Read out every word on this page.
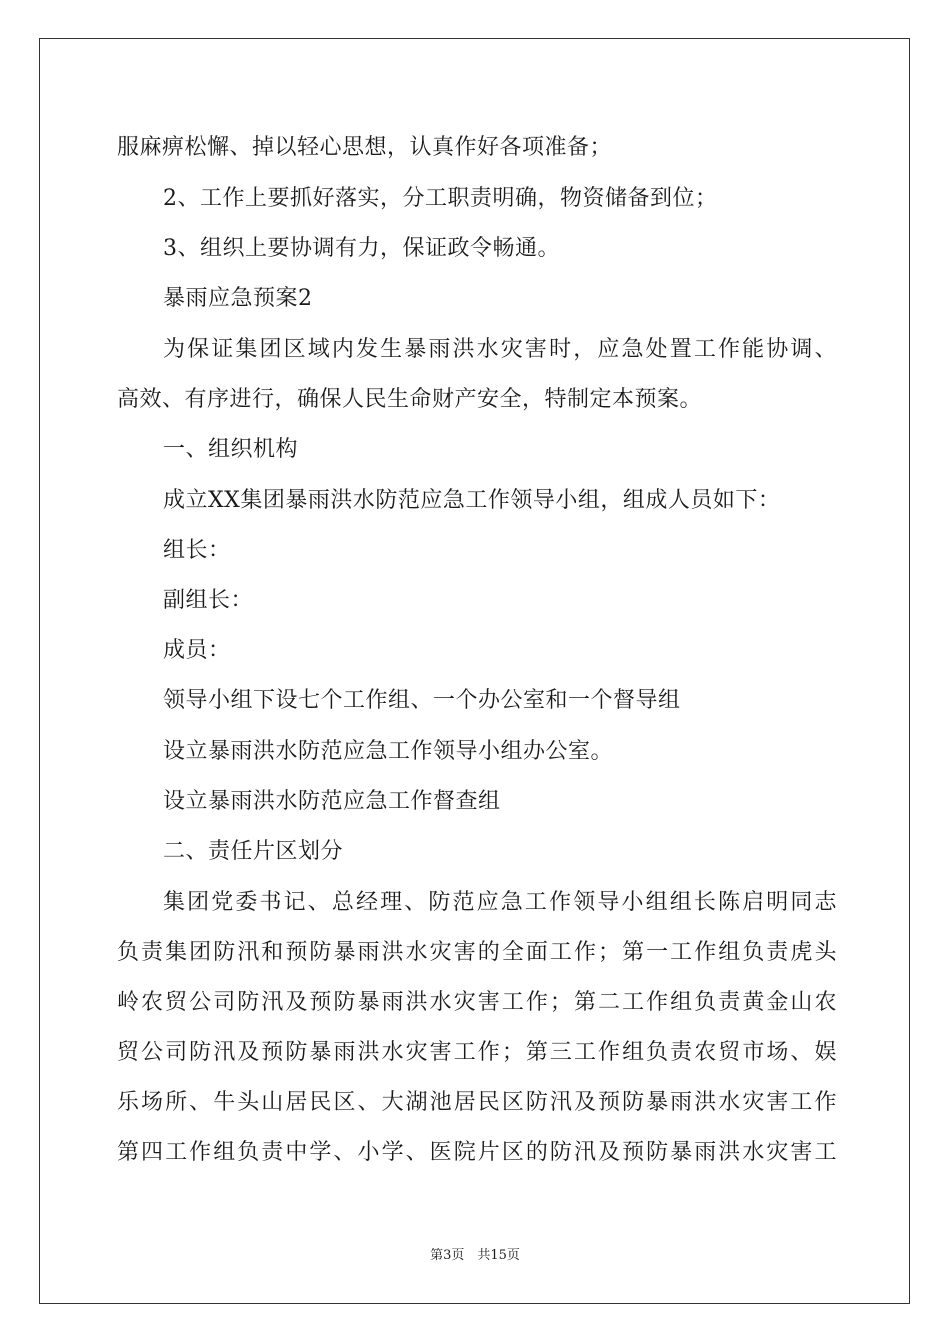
服麻痹松懈、掉以轻心思想，认真作好各项准备；
2、工作上要抓好落实，分工职责明确，物资储备到位；
3、组织上要协调有力，保证政令畅通。
暴雨应急预案2
为保证集团区域内发生暴雨洪水灾害时，应急处置工作能协调、
高效、有序进行，确保人民生命财产安全，特制定本预案。
一、组织机构
成立XX集团暴雨洪水防范应急工作领导小组，组成人员如下：
组长：
副组长：
成员：
领导小组下设七个工作组、一个办公室和一个督导组
设立暴雨洪水防范应急工作领导小组办公室。
设立暴雨洪水防范应急工作督查组
二、责任片区划分
集团党委书记、总经理、防范应急工作领导小组组长陈启明同志
负责集团防汛和预防暴雨洪水灾害的全面工作；第一工作组负责虎头
岭农贸公司防汛及预防暴雨洪水灾害工作；第二工作组负责黄金山农
贸公司防汛及预防暴雨洪水灾害工作；第三工作组负责农贸市场、娱
乐场所、牛头山居民区、大湖池居民区防汛及预防暴雨洪水灾害工作
第四工作组负责中学、小学、医院片区的防汛及预防暴雨洪水灾害工
第3页　共15页
